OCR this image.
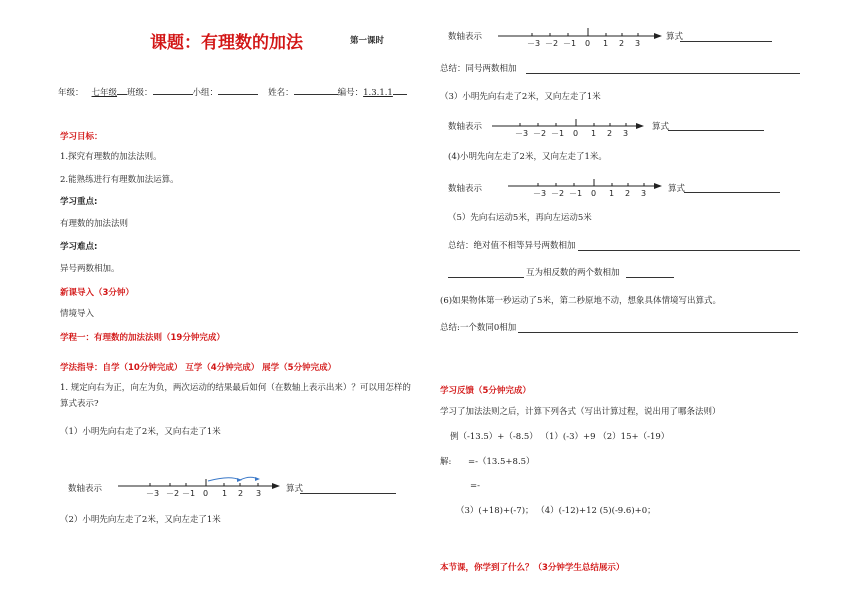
课题：有理数的加法	第一课时
年级： 七年级 班级：	小组：	姓名：	编号：1.3.1.1
学习目标：
1.探究有理数的加法法则。
2.能熟练进行有理数加法运算。
学习重点:
有理数的加法法则
学习难点:
异号两数相加。
新课导入（3分钟）
情境导入
学程一：有理数的加法法则（19分钟完成）
学法指导：自学（10分钟完成） 互学（4分钟完成） 展学（5分钟完成）
1. 规定向右为正，向左为负，两次运动的结果最后如何（在数轴上表示出来）？可以用怎样的
算式表示?
（1）小明先向右走了2米，又向右走了1米
数轴表示	－3 －2 －1 0 1 2 3	算式
（2）小明先向左走了2米，又向左走了1米
数轴表示
－3 －2 －1 0 1 2 3
算式
总结：同号两数相加
（3）小明先向右走了2米，又向左走了1米
数轴表示
－3 －2 －1 0 1 2 3
算式
(4)小明先向左走了2米，又向左走了1米。
数轴表示	－3 －2 －1 0 1 2 3	算式
（5）先向右运动5米，再向左运动5米
总结：绝对值不相等异号两数相加
互为相反数的两个数相加
(6)如果物体第一秒运动了5米，第二秒原地不动，想象具体情境写出算式。
总结:一个数同0相加
学习反馈（5分钟完成）
学习了加法法则之后，计算下列各式（写出计算过程，说出用了哪条法则）
例（-13.5）+（-8.5） （1）(-3）+9 （2）15+（-19）
解: =-（13.5+8.5）
=-
（3）(+18)+(-7)； （4）(-12)+12 (5)(-9.6)+0；
本节课，你学到了什么？（3分钟学生总结展示）
